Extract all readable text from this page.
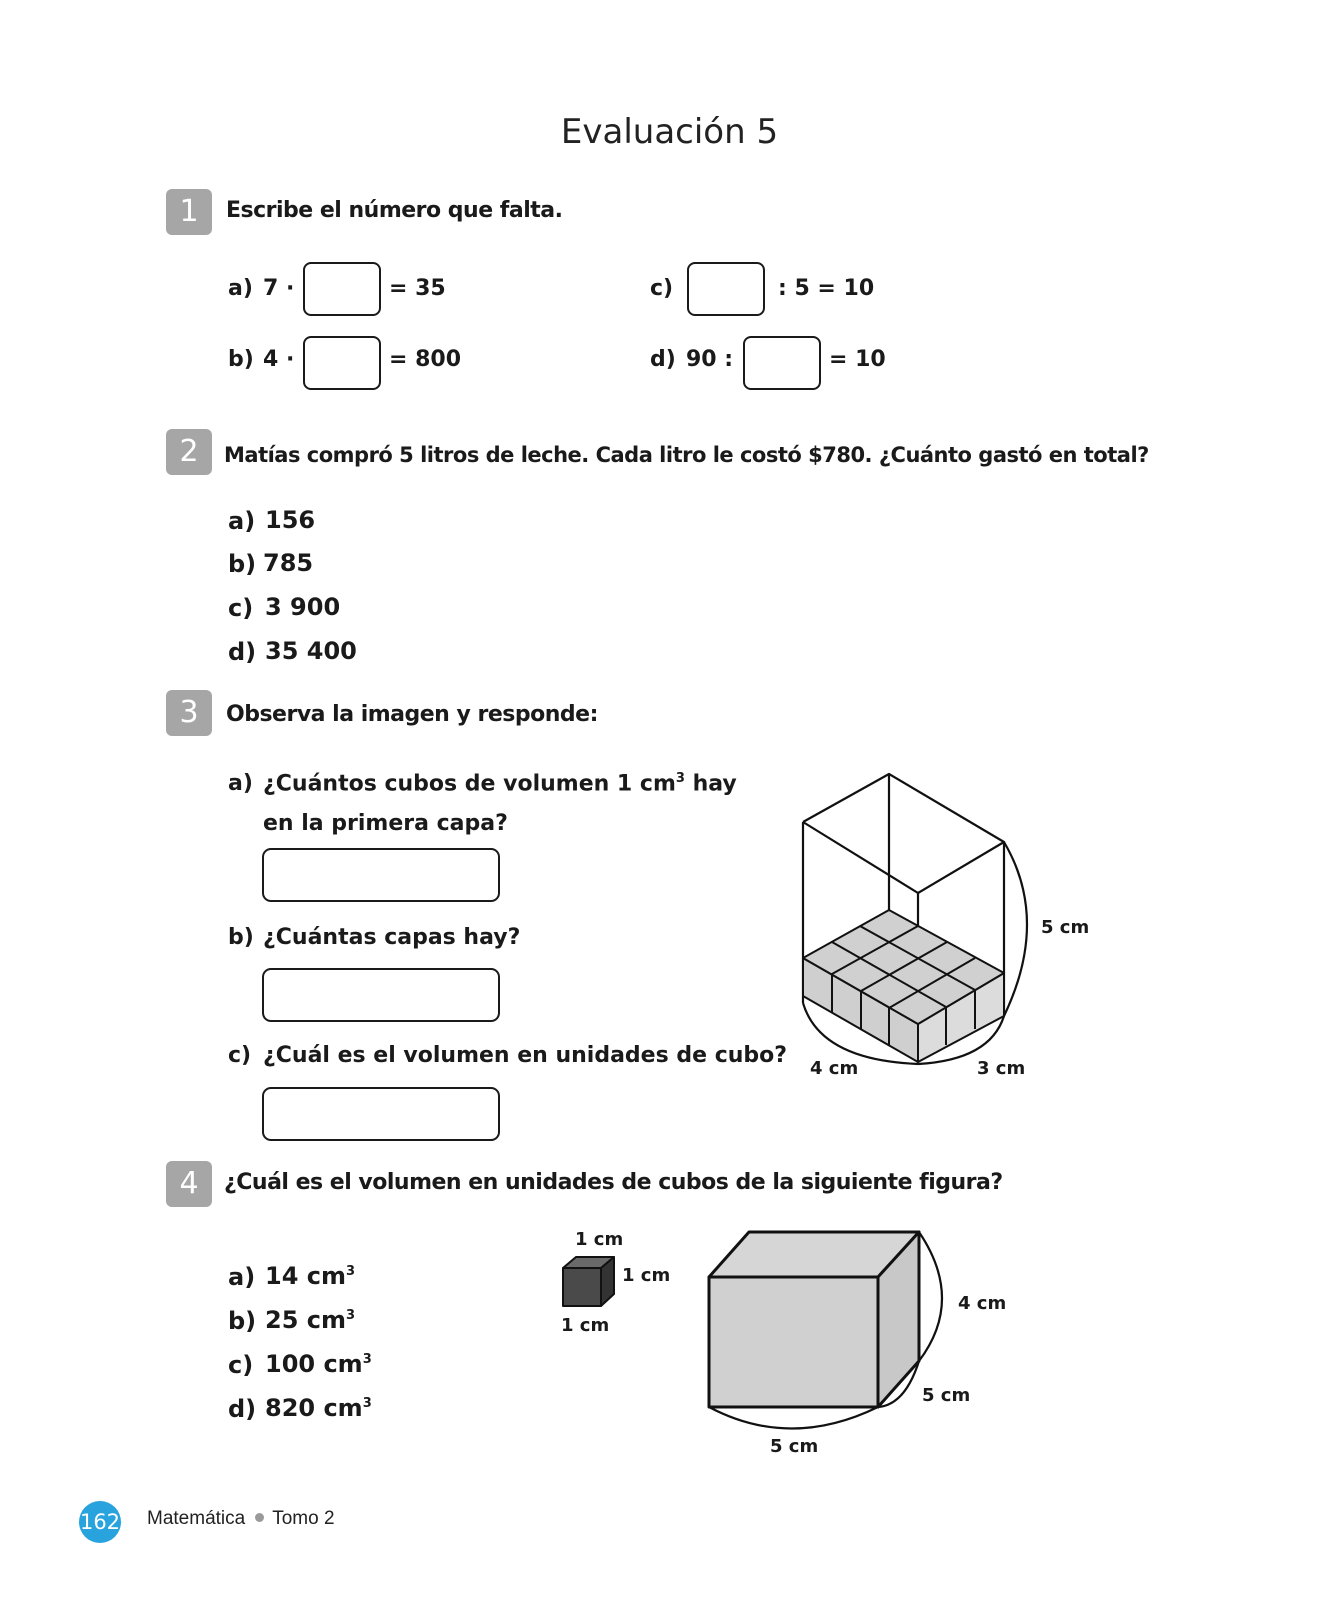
Evaluación 5
1	Escribe el número que falta.
a) 7 ·	= 35
b) 4 ·	= 800
c)	: 5 = 10
d) 90 :	= 10
2	Matías compró 5 litros de leche. Cada litro le costó $780. ¿Cuánto gastó en total?
a) 156
b) 785
c) 3 900
d) 35 400
3	Observa la imagen y responde:
a) ¿Cuántos cubos de volumen 1 $cm^3$ hay
en la primera capa?
b) ¿Cuántas capas hay?
c) ¿Cuál es el volumen en unidades de cubo?
5 cm
4 cm	3 cm
4	¿Cuál es el volumen en unidades de cubos de la siguiente figura?
a) 14 $cm^3$
b) 25 $cm^3$
c) 100 $cm^3$
d) 820 $cm^3$
1 cm
1 cm
1 cm
4 cm
5 cm
5 cm
162 Matemática Tomo 2
